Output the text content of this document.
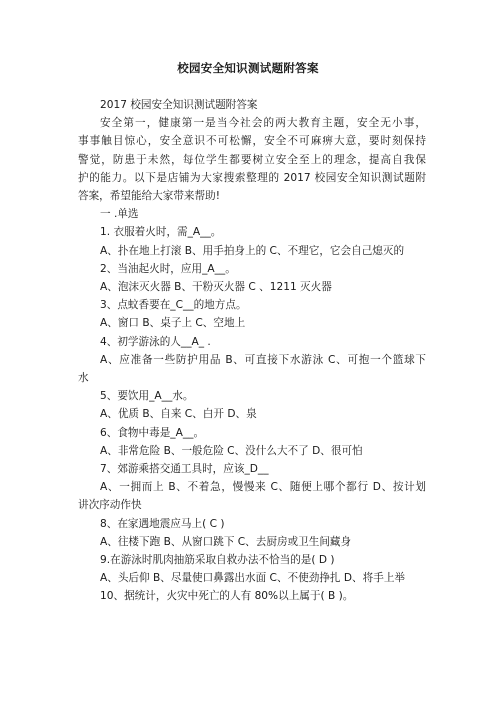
校园安全知识测试题附答案
2017 校园安全知识测试题附答案
安全第一，健康第一是当今社会的两大教育主题，安全无小事，
事事触目惊心，安全意识不可松懈，安全不可麻痹大意，要时刻保持
警觉，防患于未然，每位学生都要树立安全至上的理念，提高自我保
护的能力。以下是店铺为大家搜索整理的 2017 校园安全知识测试题附
答案，希望能给大家带来帮助!
一 .单选
1. 衣服着火时，需_A__。
A、扑在地上打滚 B、用手拍身上的 C、不理它，它会自己熄灭的
2、当油起火时，应用_A__。
A、泡沫灭火器 B、干粉灭火器 C 、1211 灭火器
3、点蚊香要在_C__的地方点。
A、窗口 B、桌子上 C、空地上
4、初学游泳的人__A_ .
A、应准备一些防护用品 B、可直接下水游泳 C、可抱一个篮球下
水
5、要饮用_A__水。
A、优质 B、自来 C、白开 D、泉
6、食物中毒是_A__。
A、非常危险 B、一般危险 C、没什么大不了 D、很可怕
7、郊游乘搭交通工具时，应该_D__
A、一拥而上 B、不着急，慢慢来 C、随便上哪个都行 D、按计划
讲次序动作快
8、在家遇地震应马上( C )
A、往楼下跑 B、从窗口跳下 C、去厨房或卫生间藏身
9.在游泳时肌肉抽筋采取自救办法不恰当的是( D )
A、头后仰 B、尽量使口鼻露出水面 C、不使劲挣扎 D、将手上举
10、据统计，火灾中死亡的人有 80%以上属于( B )。
